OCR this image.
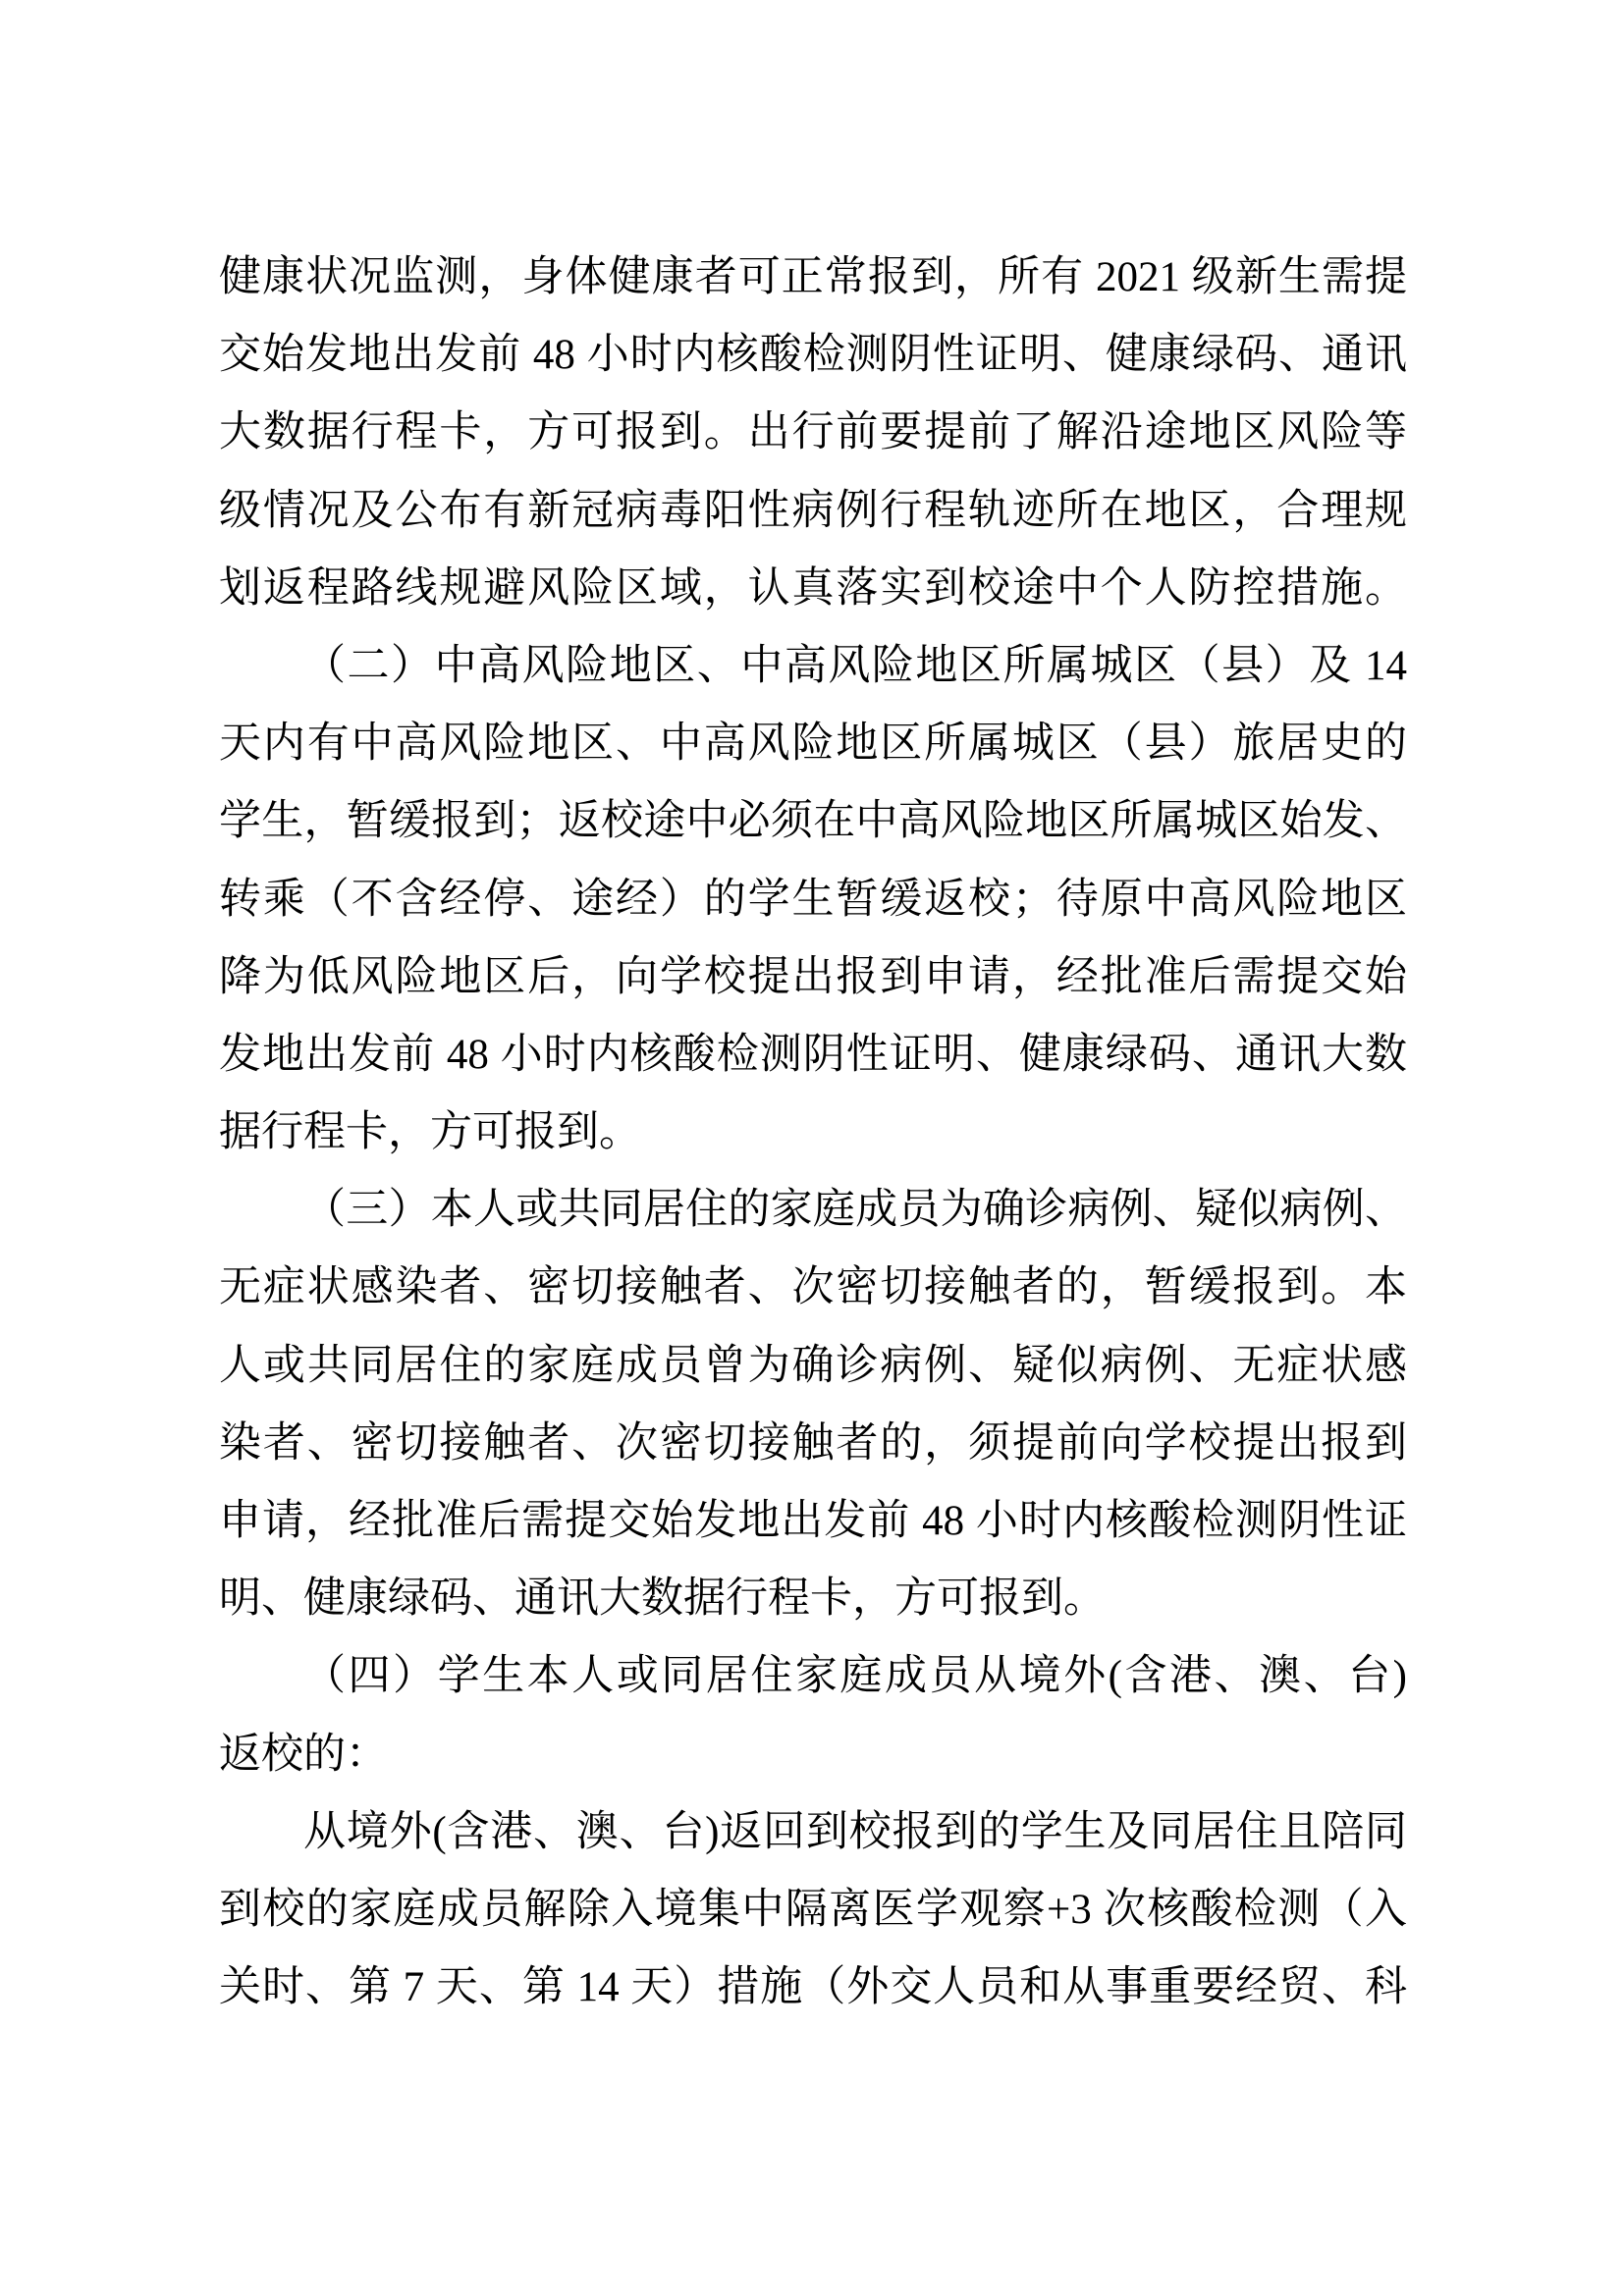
健康状况监测，身体健康者可正常报到，所有 2021 级新生需提
交始发地出发前 48 小时内核酸检测阴性证明、健康绿码、通讯
大数据行程卡，方可报到。出行前要提前了解沿途地区风险等
级情况及公布有新冠病毒阳性病例行程轨迹所在地区，合理规
划返程路线规避风险区域，认真落实到校途中个人防控措施。
（二）中高风险地区、中高风险地区所属城区（县）及 14
天内有中高风险地区、中高风险地区所属城区（县）旅居史的
学生，暂缓报到；返校途中必须在中高风险地区所属城区始发、
转乘（不含经停、途经）的学生暂缓返校；待原中高风险地区
降为低风险地区后，向学校提出报到申请，经批准后需提交始
发地出发前 48 小时内核酸检测阴性证明、健康绿码、通讯大数
据行程卡，方可报到。
（三）本人或共同居住的家庭成员为确诊病例、疑似病例、
无症状感染者、密切接触者、次密切接触者的，暂缓报到。本
人或共同居住的家庭成员曾为确诊病例、疑似病例、无症状感
染者、密切接触者、次密切接触者的，须提前向学校提出报到
申请，经批准后需提交始发地出发前 48 小时内核酸检测阴性证
明、健康绿码、通讯大数据行程卡，方可报到。
（四）学生本人或同居住家庭成员从境外(含港、澳、台)
返校的：
从境外(含港、澳、台)返回到校报到的学生及同居住且陪同
到校的家庭成员解除入境集中隔离医学观察+3 次核酸检测（入
关时、第 7 天、第 14 天）措施（外交人员和从事重要经贸、科
